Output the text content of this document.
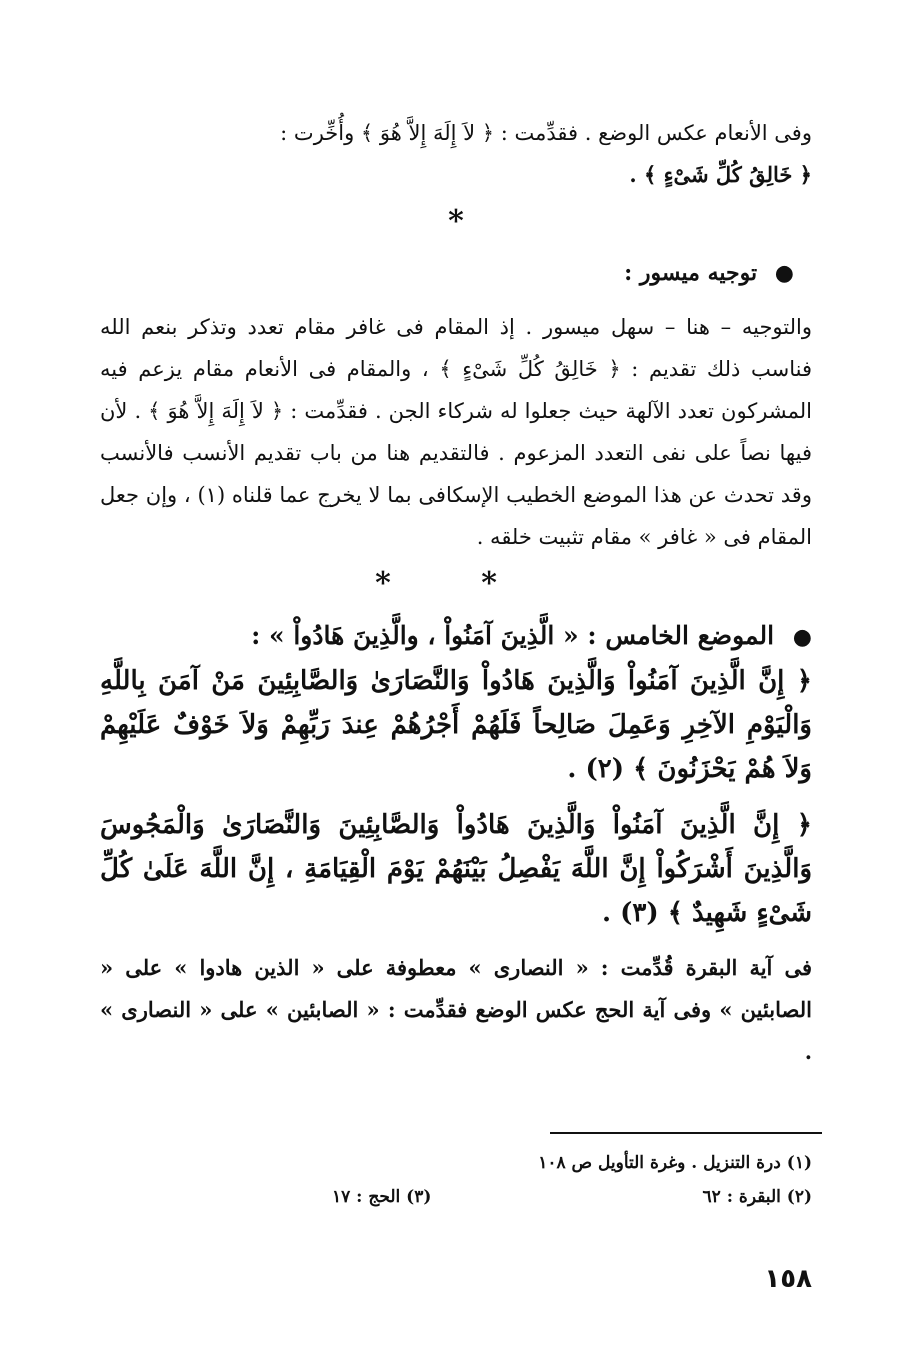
وفى الأنعام عكس الوضع . فقدِّمت : ﴿ لاَ إِلَهَ إِلاَّ هُوَ ﴾ وأُخِّرت :

﴿ خَالِقُ كُلِّ شَىْءٍ ﴾ .

*
● توجيه ميسور :

والتوجيه – هنا – سهل ميسور . إذ المقام فى غافر مقام تعدد وتذكر بنعم الله فناسب ذلك تقديم : ﴿ خَالِقُ كُلِّ شَىْءٍ ﴾ ، والمقام فى الأنعام مقام يزعم فيه المشركون تعدد الآلهة حيث جعلوا له شركاء الجن . فقدِّمت : ﴿ لاَ إِلَهَ إِلاَّ هُوَ ﴾ . لأن فيها نصاً على نفى التعدد المزعوم . فالتقديم هنا من باب تقديم الأنسب فالأنسب وقد تحدث عن هذا الموضع الخطيب الإسكافى بما لا يخرج عما قلناه (١) ، وإن جعل المقام فى « غافر » مقام تثبيت خلقه .

* *
● الموضع الخامس : « الَّذِينَ آمَنُواْ ، والَّذِينَ هَادُواْ » :

﴿ إِنَّ الَّذِينَ آمَنُواْ وَالَّذِينَ هَادُواْ وَالنَّصَارَىٰ وَالصَّابِئِينَ مَنْ آمَنَ بِاللَّهِ وَالْيَوْمِ الآخِرِ وَعَمِلَ صَالِحاً فَلَهُمْ أَجْرُهُمْ عِندَ رَبِّهِمْ وَلاَ خَوْفٌ عَلَيْهِمْ وَلاَ هُمْ يَحْزَنُونَ ﴾ (٢) .

﴿ إِنَّ الَّذِينَ آمَنُواْ وَالَّذِينَ هَادُواْ وَالصَّابِئِينَ وَالنَّصَارَىٰ وَالْمَجُوسَ وَالَّذِينَ أَشْرَكُواْ إِنَّ اللَّهَ يَفْصِلُ بَيْنَهُمْ يَوْمَ الْقِيَامَةِ ، إِنَّ اللَّهَ عَلَىٰ كُلِّ شَىْءٍ شَهِيدٌ ﴾ (٣) .

فى آية البقرة قُدِّمت : « النصارى » معطوفة على « الذين هادوا » على « الصابئين » وفى آية الحج عكس الوضع فقدِّمت : « الصابئين » على « النصارى » .

(١) درة التنزيل . وغرة التأويل ص ١٠٨
(٢) البقرة : ٦٢
(٣) الحج : ١٧
١٥٨
